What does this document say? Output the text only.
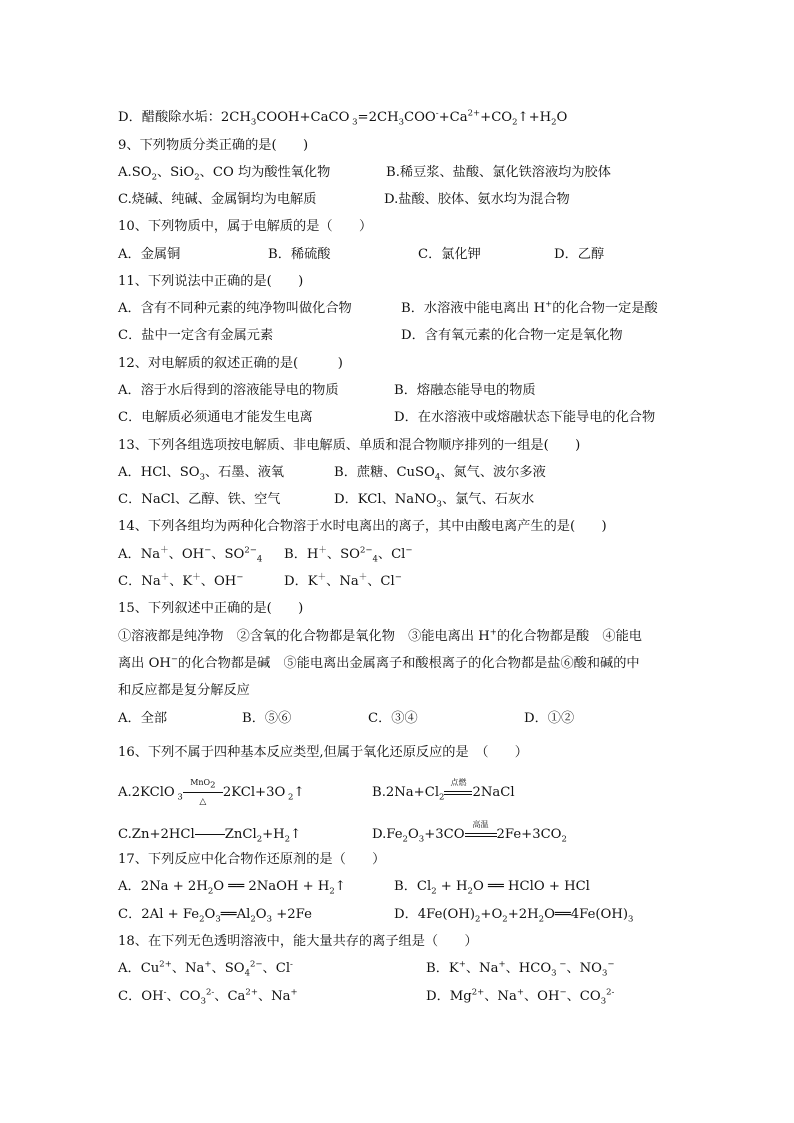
D．醋酸除水垢：$2CH_3COOH+CaCO$ $_3=2CH_3COO^-+Ca^{2+}+CO_2↑+H_2O$
9、下列物质分类正确的是(　　)
$A.SO_2$、SiO$_2$、CO 均为酸性氧化物	B.稀豆浆、盐酸、氯化铁溶液均为胶体
C.烧碱、纯碱、金属铜均为电解质	D.盐酸、胶体、氨水均为混合物
10、下列物质中，属于电解质的是（　　）
A．金属铜	B．稀硫酸	C．氯化钾	D．乙醇
11、下列说法中正确的是(　　)
A．含有不同种元素的纯净物叫做化合物	B．水溶液中能电离出 H+的化合物一定是酸
C．盐中一定含有金属元素	D．含有氧元素的化合物一定是氧化物
12、对电解质的叙述正确的是(　　　)
A．溶于水后得到的溶液能导电的物质	B．熔融态能导电的物质
C．电解质必须通电才能发生电离	D．在水溶液中或熔融状态下能导电的化合物
13、下列各组选项按电解质、非电解质、单质和混合物顺序排列的一组是(　　)
A．HCl、$SO_3$、石墨、液氧	B．蔗糖、CuSO$_4$、氮气、波尔多液
C．NaCl、乙醇、铁、空气	D．KCl、NaNO$_3$、氯气、石灰水
14、下列各组均为两种化合物溶于水时电离出的离子，其中由酸电离产生的是(　　)
A．Na＋、OH−、$SO^{2-}_4$ B．H＋、$SO^{2-}_4$、Cl−
C．Na＋、K＋、OH−	D．K＋、Na＋、Cl−
15、下列叙述中正确的是(　　)
①溶液都是纯净物　②含氧的化合物都是氧化物　③能电离出 H+的化合物都是酸　④能电
离出 OH−的化合物都是碱　⑤能电离出金属离子和酸根离子的化合物都是盐⑥酸和碱的中
和反应都是复分解反应
A．全部	B．⑤⑥	C．③④	D．①②
16、下列不属于四种基本反应类型,但属于氧化还原反应的是　（　　）
A.2KClO $_3$
MnO$_2$
△
2KCl+3O $_2$↑	$B.2Na+Cl_2$
点燃
2NaCl
C.Zn+2HCl $ZnCl_2+H_2↑$	$D.Fe_2O_3+3CO$
高温
$2Fe+3CO_2$
17、下列反应中化合物作还原剂的是（　　）
A．$2Na + 2H_2O$ ══ 2NaOH + $H_2↑$	B．$Cl_2 + H_2O$ ══ HClO + HCl
C．$2Al + Fe_2O_3══Al_2O_3 +2Fe$	D．$4Fe(OH)_2+O_2+2H_2O══4Fe(OH)_3$
18、在下列无色透明溶液中，能大量共存的离子组是（　　）
A．$Cu^{2+}$、Na+、$SO_4^{2-}$、Cl-	B．K+、Na+、$HCO_3$ −、$NO_3^-$
C．OH-、$CO_3^{2-}$、$Ca^{2+}$、Na+	D．$Mg^{2+}$、Na+、OH−、$CO_3^{2-}$
